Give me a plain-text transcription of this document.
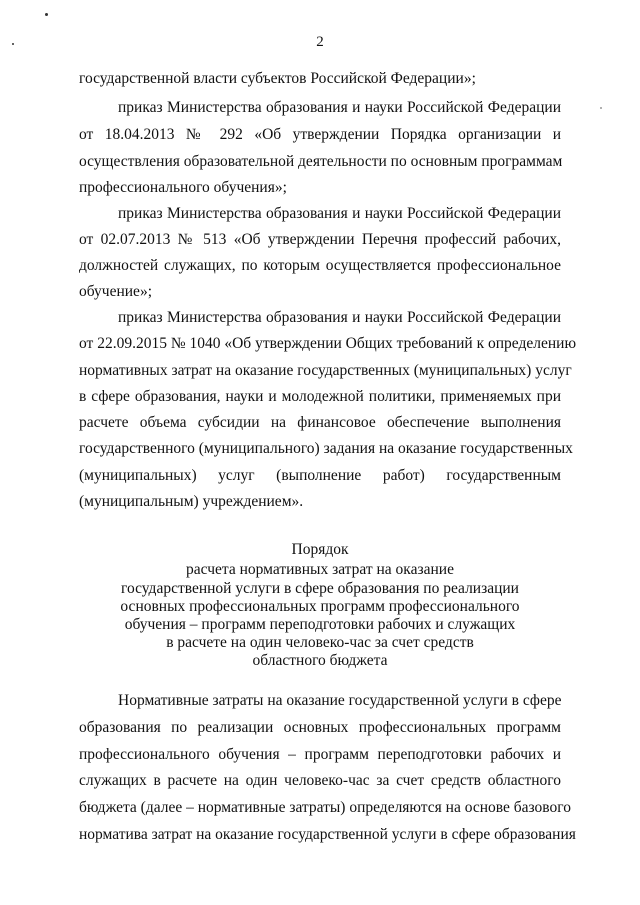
2
государственной власти субъектов Российской Федерации»;
приказ Министерства образования и науки Российской Федерации
от 18.04.2013 № 292 «Об утверждении Порядка организации и
осуществления образовательной деятельности по основным программам
профессионального обучения»;
приказ Министерства образования и науки Российской Федерации
от 02.07.2013 № 513 «Об утверждении Перечня профессий рабочих,
должностей служащих, по которым осуществляется профессиональное
обучение»;
приказ Министерства образования и науки Российской Федерации
от 22.09.2015 № 1040 «Об утверждении Общих требований к определению
нормативных затрат на оказание государственных (муниципальных) услуг
в сфере образования, науки и молодежной политики, применяемых при
расчете объема субсидии на финансовое обеспечение выполнения
государственного (муниципального) задания на оказание государственных
(муниципальных) услуг (выполнение работ) государственным
(муниципальным) учреждением».
Порядок
расчета нормативных затрат на оказание
государственной услуги в сфере образования по реализации
основных профессиональных программ профессионального
обучения – программ переподготовки рабочих и служащих
в расчете на один человеко-час за счет средств
областного бюджета
Нормативные затраты на оказание государственной услуги в сфере
образования по реализации основных профессиональных программ
профессионального обучения – программ переподготовки рабочих и
служащих в расчете на один человеко-час за счет средств областного
бюджета (далее – нормативные затраты) определяются на основе базового
норматива затрат на оказание государственной услуги в сфере образования
